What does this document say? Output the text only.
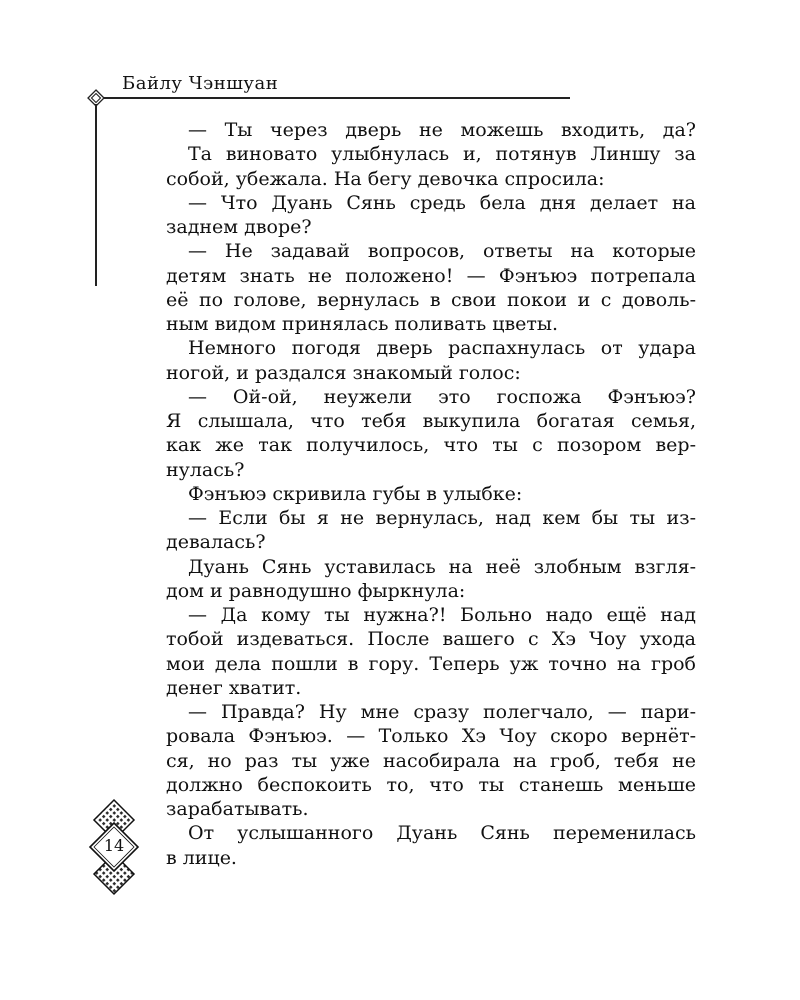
Байлу Чэншуан
— Ты через дверь не можешь входить, да?
Та виновато улыбнулась и, потянув Линшу за
собой, убежала. На бегу девочка спросила:
— Что Дуань Сянь средь бела дня делает на
заднем дворе?
— Не задавай вопросов, ответы на которые
детям знать не положено! — Фэнъюэ потрепала
её по голове, вернулась в свои покои и с доволь-
ным видом принялась поливать цветы.
Немного погодя дверь распахнулась от удара
ногой, и раздался знакомый голос:
— Ой-ой, неужели это госпожа Фэнъюэ?
Я слышала, что тебя выкупила богатая семья,
как же так получилось, что ты с позором вер-
нулась?
Фэнъюэ скривила губы в улыбке:
— Если бы я не вернулась, над кем бы ты из-
девалась?
Дуань Сянь уставилась на неё злобным взгля-
дом и равнодушно фыркнула:
— Да кому ты нужна?! Больно надо ещё над
тобой издеваться. После вашего с Хэ Чоу ухода
мои дела пошли в гору. Теперь уж точно на гроб
денег хватит.
— Правда? Ну мне сразу полегчало, — пари-
ровала Фэнъюэ. — Только Хэ Чоу скоро вернёт-
ся, но раз ты уже насобирала на гроб, тебя не
должно беспокоить то, что ты станешь меньше
зарабатывать.
От услышанного Дуань Сянь переменилась
в лице.
14
